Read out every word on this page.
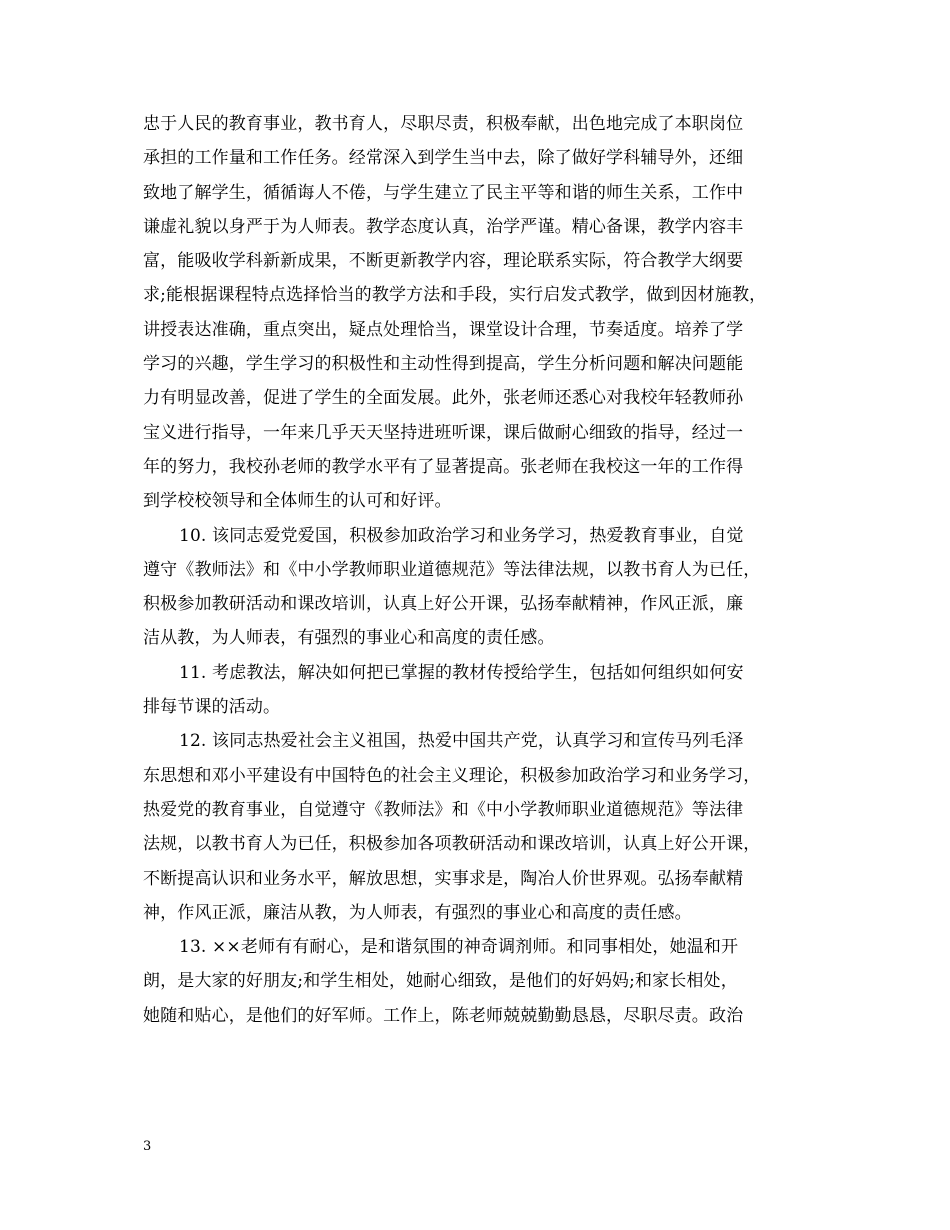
忠于人民的教育事业，教书育人，尽职尽责，积极奉献，出色地完成了本职岗位
承担的工作量和工作任务。经常深入到学生当中去，除了做好学科辅导外，还细
致地了解学生，循循诲人不倦，与学生建立了民主平等和谐的师生关系，工作中
谦虚礼貌以身严于为人师表。教学态度认真，治学严谨。精心备课，教学内容丰
富，能吸收学科新新成果，不断更新教学内容，理论联系实际，符合教学大纲要
求;能根据课程特点选择恰当的教学方法和手段，实行启发式教学，做到因材施教，
讲授表达准确，重点突出，疑点处理恰当，课堂设计合理，节奏适度。培养了学
学习的兴趣，学生学习的积极性和主动性得到提高，学生分析问题和解决问题能
力有明显改善，促进了学生的全面发展。此外，张老师还悉心对我校年轻教师孙
宝义进行指导，一年来几乎天天坚持进班听课，课后做耐心细致的指导，经过一
年的努力，我校孙老师的教学水平有了显著提高。张老师在我校这一年的工作得
到学校校领导和全体师生的认可和好评。
10. 该同志爱党爱国，积极参加政治学习和业务学习，热爱教育事业，自觉
遵守《教师法》和《中小学教师职业道德规范》等法律法规，以教书育人为已任，
积极参加教研活动和课改培训，认真上好公开课，弘扬奉献精神，作风正派，廉
洁从教，为人师表，有强烈的事业心和高度的责任感。
11. 考虑教法，解决如何把已掌握的教材传授给学生，包括如何组织如何安
排每节课的活动。
12. 该同志热爱社会主义祖国，热爱中国共产党，认真学习和宣传马列毛泽
东思想和邓小平建设有中国特色的社会主义理论，积极参加政治学习和业务学习，
热爱党的教育事业，自觉遵守《教师法》和《中小学教师职业道德规范》等法律
法规，以教书育人为已任，积极参加各项教研活动和课改培训，认真上好公开课，
不断提高认识和业务水平，解放思想，实事求是，陶冶人价世界观。弘扬奉献精
神，作风正派，廉洁从教，为人师表，有强烈的事业心和高度的责任感。
13. ××老师有有耐心，是和谐氛围的神奇调剂师。和同事相处，她温和开
朗，是大家的好朋友;和学生相处，她耐心细致，是他们的好妈妈;和家长相处，
她随和贴心，是他们的好军师。工作上，陈老师兢兢勤勤恳恳，尽职尽责。政治
3
